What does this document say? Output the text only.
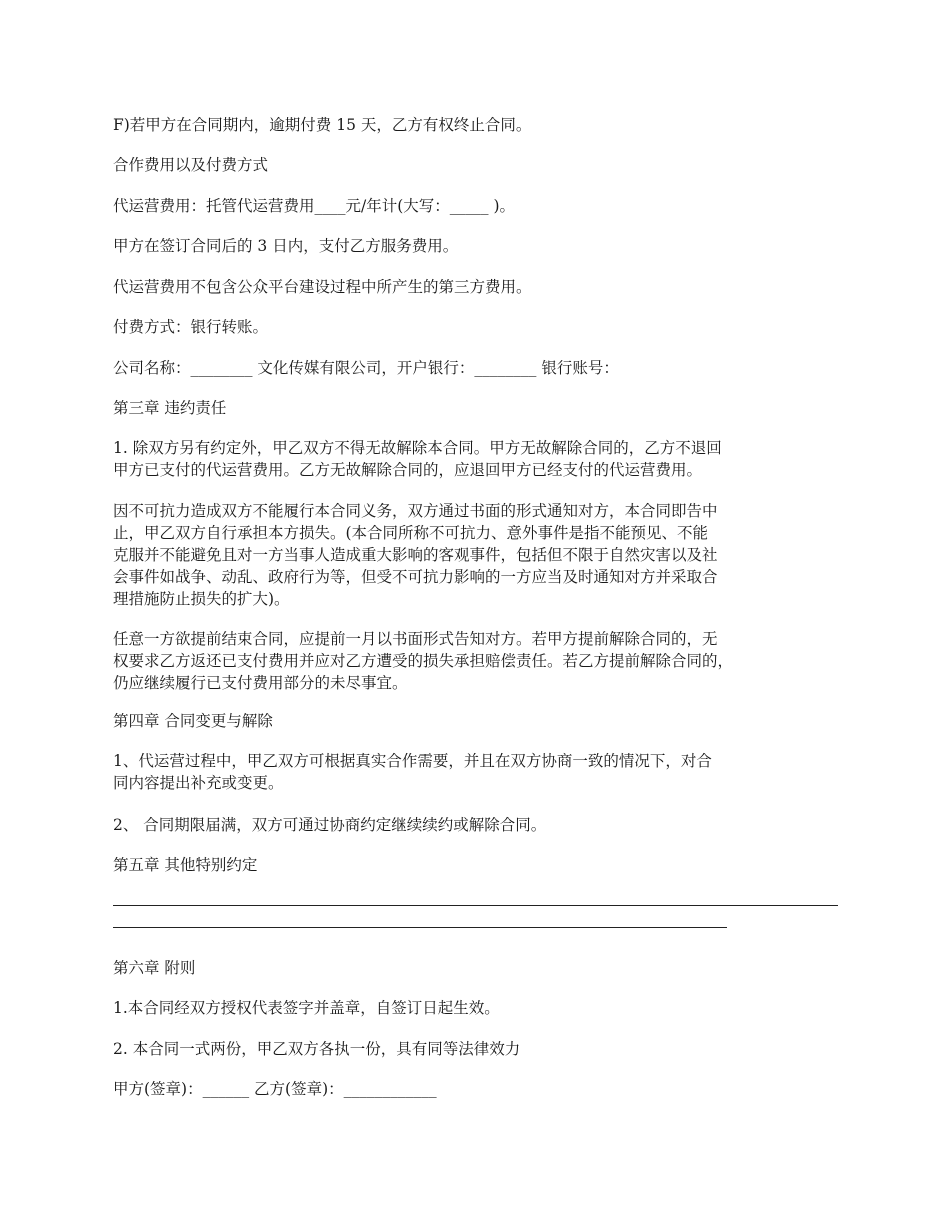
F)若甲方在合同期内，逾期付费 15 天，乙方有权终止合同。

合作费用以及付费方式

代运营费用：托管代运营费用____元/年计(大写：_____ )。

甲方在签订合同后的 3 日内，支付乙方服务费用。

代运营费用不包含公众平台建设过程中所产生的第三方费用。

付费方式：银行转账。

公司名称：________ 文化传媒有限公司，开户银行：________ 银行账号：

第三章 违约责任

1. 除双方另有约定外，甲乙双方不得无故解除本合同。甲方无故解除合同的，乙方不退回
甲方已支付的代运营费用。乙方无故解除合同的，应退回甲方已经支付的代运营费用。
因不可抗力造成双方不能履行本合同义务，双方通过书面的形式通知对方，本合同即告中
止，甲乙双方自行承担本方损失。(本合同所称不可抗力、意外事件是指不能预见、不能
克服并不能避免且对一方当事人造成重大影响的客观事件，包括但不限于自然灾害以及社
会事件如战争、动乱、政府行为等，但受不可抗力影响的一方应当及时通知对方并采取合
理措施防止损失的扩大)。
任意一方欲提前结束合同，应提前一月以书面形式告知对方。若甲方提前解除合同的，无
权要求乙方返还已支付费用并应对乙方遭受的损失承担赔偿责任。若乙方提前解除合同的，
仍应继续履行已支付费用部分的未尽事宜。

第四章 合同变更与解除

1、代运营过程中，甲乙双方可根据真实合作需要，并且在双方协商一致的情况下，对合
同内容提出补充或变更。

2、 合同期限届满，双方可通过协商约定继续续约或解除合同。

第五章 其他特别约定

第六章 附则

1.本合同经双方授权代表签字并盖章，自签订日起生效。

2. 本合同一式两份，甲乙双方各执一份，具有同等法律效力

甲方(签章)：______ 乙方(签章)：____________
